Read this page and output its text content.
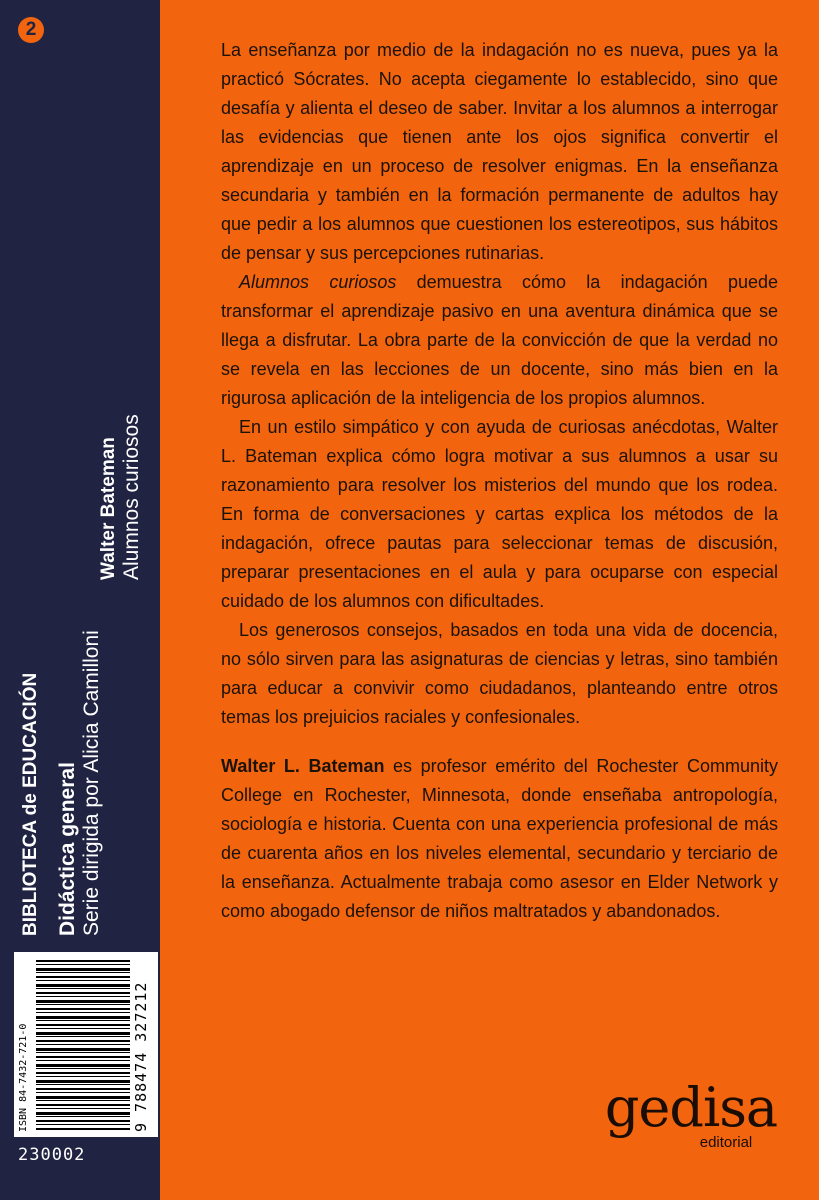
2
BIBLIOTECA de EDUCACIÓN Didáctica general Serie dirigida por Alicia Camilloni
Walter Bateman Alumnos curiosos
ISBN 84-7432-721-0	9 788474 327212
230002

La enseñanza por medio de la indagación no es nueva, pues ya la practicó Sócrates. No acepta ciegamente lo establecido, sino que desafía y alienta el deseo de saber. Invitar a los alumnos a interrogar las evidencias que tienen ante los ojos significa convertir el aprendizaje en un proceso de resolver enigmas. En la enseñanza secundaria y también en la formación permanente de adultos hay que pedir a los alumnos que cuestionen los estereotipos, sus hábitos de pensar y sus percepciones rutinarias.

Alumnos curiosos demuestra cómo la indagación puede transformar el aprendizaje pasivo en una aventura dinámica que se llega a disfrutar. La obra parte de la convicción de que la verdad no se revela en las lecciones de un docente, sino más bien en la rigurosa aplicación de la inteligencia de los propios alumnos.

En un estilo simpático y con ayuda de curiosas anécdotas, Walter L. Bateman explica cómo logra motivar a sus alumnos a usar su razonamiento para resolver los misterios del mundo que los rodea. En forma de conversaciones y cartas explica los métodos de la indagación, ofrece pautas para seleccionar temas de discusión, preparar presentaciones en el aula y para ocuparse con especial cuidado de los alumnos con dificultades.

Los generosos consejos, basados en toda una vida de docencia, no sólo sirven para las asignaturas de ciencias y letras, sino también para educar a convivir como ciudadanos, planteando entre otros temas los prejuicios raciales y confesionales.

Walter L. Bateman es profesor emérito del Rochester Community College en Rochester, Minnesota, donde enseñaba antropología, sociología e historia. Cuenta con una experiencia profesional de más de cuarenta años en los niveles elemental, secundario y terciario de la enseñanza. Actualmente trabaja como asesor en Elder Network y como abogado defensor de niños maltratados y abandonados.
gedisa
editorial
